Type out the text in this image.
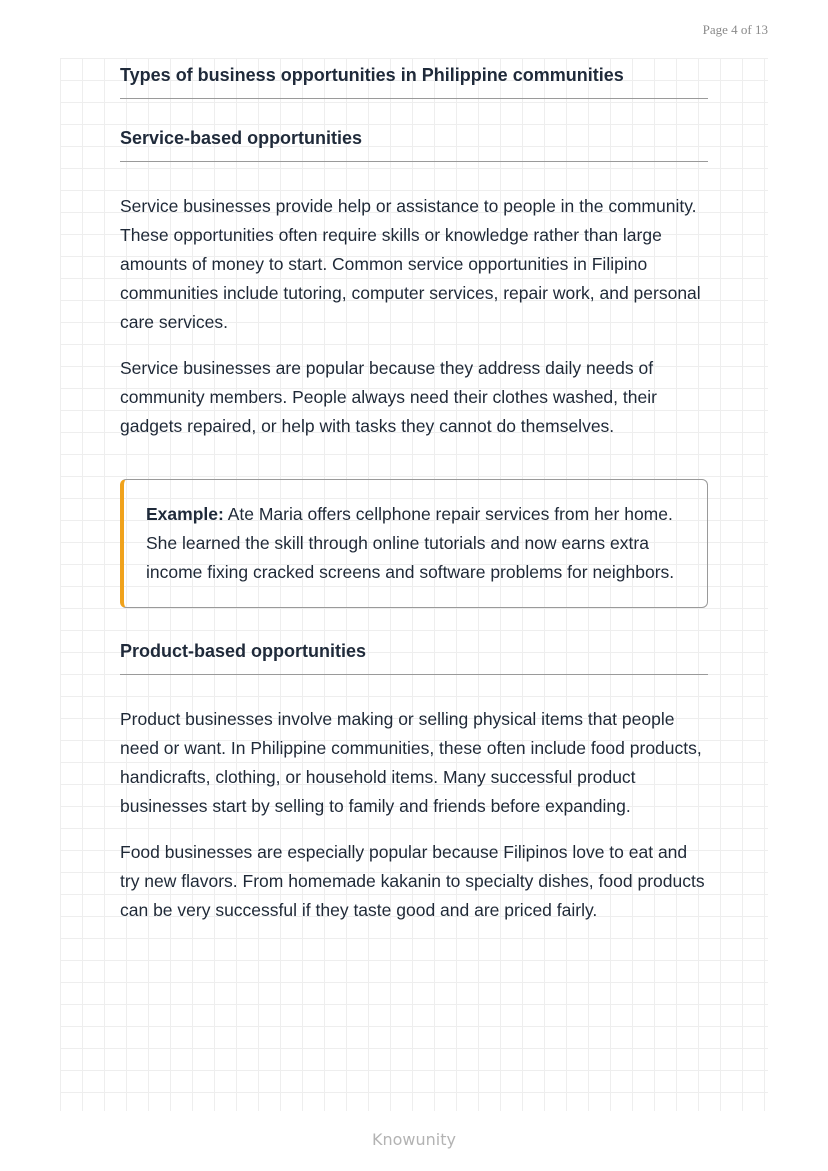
Page 4 of 13
Types of business opportunities in Philippine communities
Service-based opportunities

Service businesses provide help or assistance to people in the community. These opportunities often require skills or knowledge rather than large amounts of money to start. Common service opportunities in Filipino communities include tutoring, computer services, repair work, and personal care services.

Service businesses are popular because they address daily needs of community members. People always need their clothes washed, their gadgets repaired, or help with tasks they cannot do themselves.

Example: Ate Maria offers cellphone repair services from her home. She learned the skill through online tutorials and now earns extra income fixing cracked screens and software problems for neighbors.

Product-based opportunities

Product businesses involve making or selling physical items that people need or want. In Philippine communities, these often include food products, handicrafts, clothing, or household items. Many successful product businesses start by selling to family and friends before expanding.

Food businesses are especially popular because Filipinos love to eat and try new flavors. From homemade kakanin to specialty dishes, food products can be very successful if they taste good and are priced fairly.

Knowunity
